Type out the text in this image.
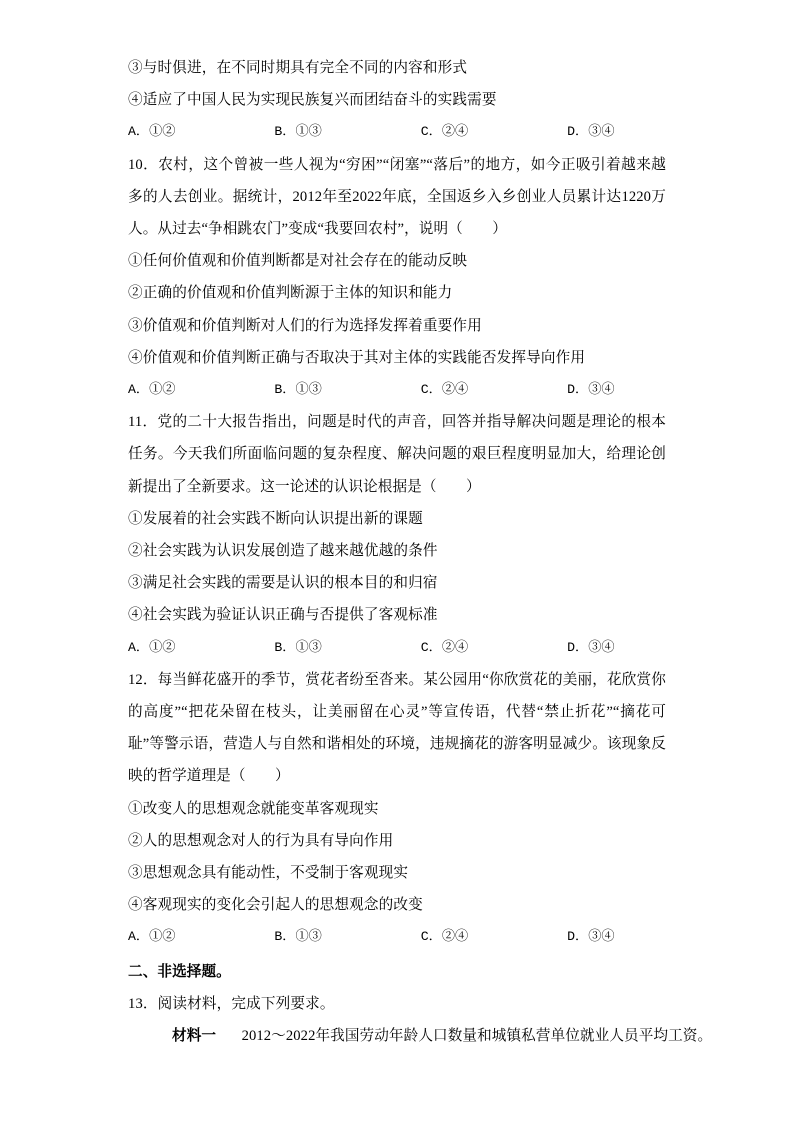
③与时俱进，在不同时期具有完全不同的内容和形式
④适应了中国人民为实现民族复兴而团结奋斗的实践需要
A．①②	B．①③	C．②④	D．③④
10．农村，这个曾被一些人视为“穷困”“闭塞”“落后”的地方，如今正吸引着越来越多的人去创业。据统计，2012年至2022年底，全国返乡入乡创业人员累计达1220万人。从过去“争相跳农门”变成“我要回农村”，说明（　　）
①任何价值观和价值判断都是对社会存在的能动反映
②正确的价值观和价值判断源于主体的知识和能力
③价值观和价值判断对人们的行为选择发挥着重要作用
④价值观和价值判断正确与否取决于其对主体的实践能否发挥导向作用
A．①②	B．①③	C．②④	D．③④
11．党的二十大报告指出，问题是时代的声音，回答并指导解决问题是理论的根本任务。今天我们所面临问题的复杂程度、解决问题的艰巨程度明显加大，给理论创新提出了全新要求。这一论述的认识论根据是（　　）
①发展着的社会实践不断向认识提出新的课题
②社会实践为认识发展创造了越来越优越的条件
③满足社会实践的需要是认识的根本目的和归宿
④社会实践为验证认识正确与否提供了客观标准
A．①②	B．①③	C．②④	D．③④
12．每当鲜花盛开的季节，赏花者纷至沓来。某公园用“你欣赏花的美丽，花欣赏你的高度”“把花朵留在枝头，让美丽留在心灵”等宣传语，代替“禁止折花”“摘花可耻”等警示语，营造人与自然和谐相处的环境，违规摘花的游客明显减少。该现象反映的哲学道理是（　　）
①改变人的思想观念就能变革客观现实
②人的思想观念对人的行为具有导向作用
③思想观念具有能动性，不受制于客观现实
④客观现实的变化会引起人的思想观念的改变
A．①②	B．①③	C．②④	D．③④
二、非选择题。
13．阅读材料，完成下列要求。
材料一 2012～2022年我国劳动年龄人口数量和城镇私营单位就业人员平均工资。
